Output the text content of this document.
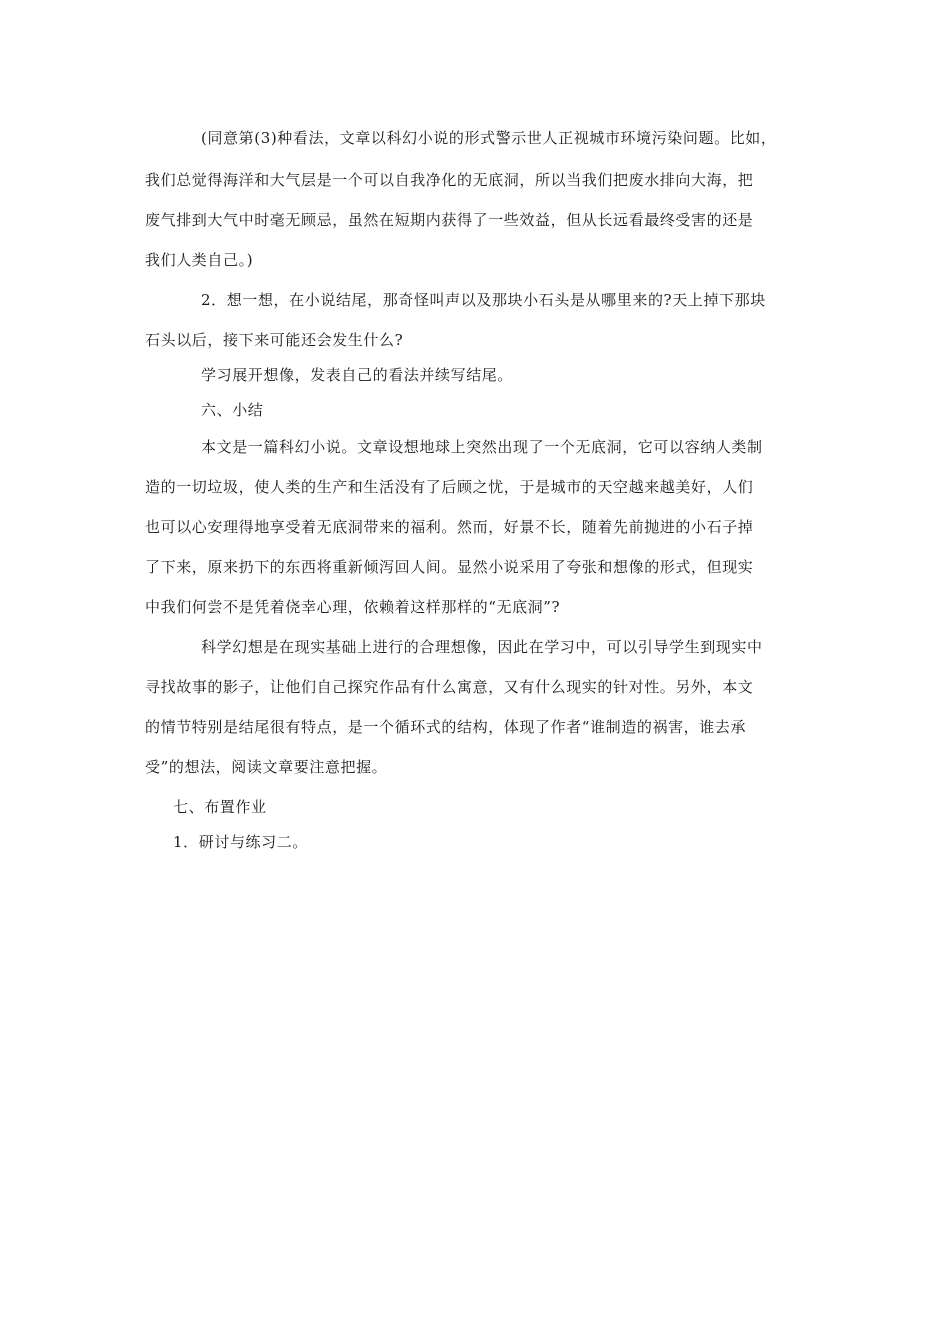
(同意第(3)种看法，文章以科幻小说的形式警示世人正视城市环境污染问题。比如，
我们总觉得海洋和大气层是一个可以自我净化的无底洞，所以当我们把废水排向大海，把
废气排到大气中时毫无顾忌，虽然在短期内获得了一些效益，但从长远看最终受害的还是
我们人类自己。)
2．想一想，在小说结尾，那奇怪叫声以及那块小石头是从哪里来的?天上掉下那块
石头以后，接下来可能还会发生什么?
学习展开想像，发表自己的看法并续写结尾。
六、小结
本文是一篇科幻小说。文章设想地球上突然出现了一个无底洞，它可以容纳人类制
造的一切垃圾，使人类的生产和生活没有了后顾之忧，于是城市的天空越来越美好，人们
也可以心安理得地享受着无底洞带来的福利。然而，好景不长，随着先前抛进的小石子掉
了下来，原来扔下的东西将重新倾泻回人间。显然小说采用了夸张和想像的形式，但现实
中我们何尝不是凭着侥幸心理，依赖着这样那样的“无底洞”?
科学幻想是在现实基础上进行的合理想像，因此在学习中，可以引导学生到现实中
寻找故事的影子，让他们自己探究作品有什么寓意，又有什么现实的针对性。另外，本文
的情节特别是结尾很有特点，是一个循环式的结构，体现了作者“谁制造的祸害，谁去承
受”的想法，阅读文章要注意把握。
七、布置作业
1．研讨与练习二。
